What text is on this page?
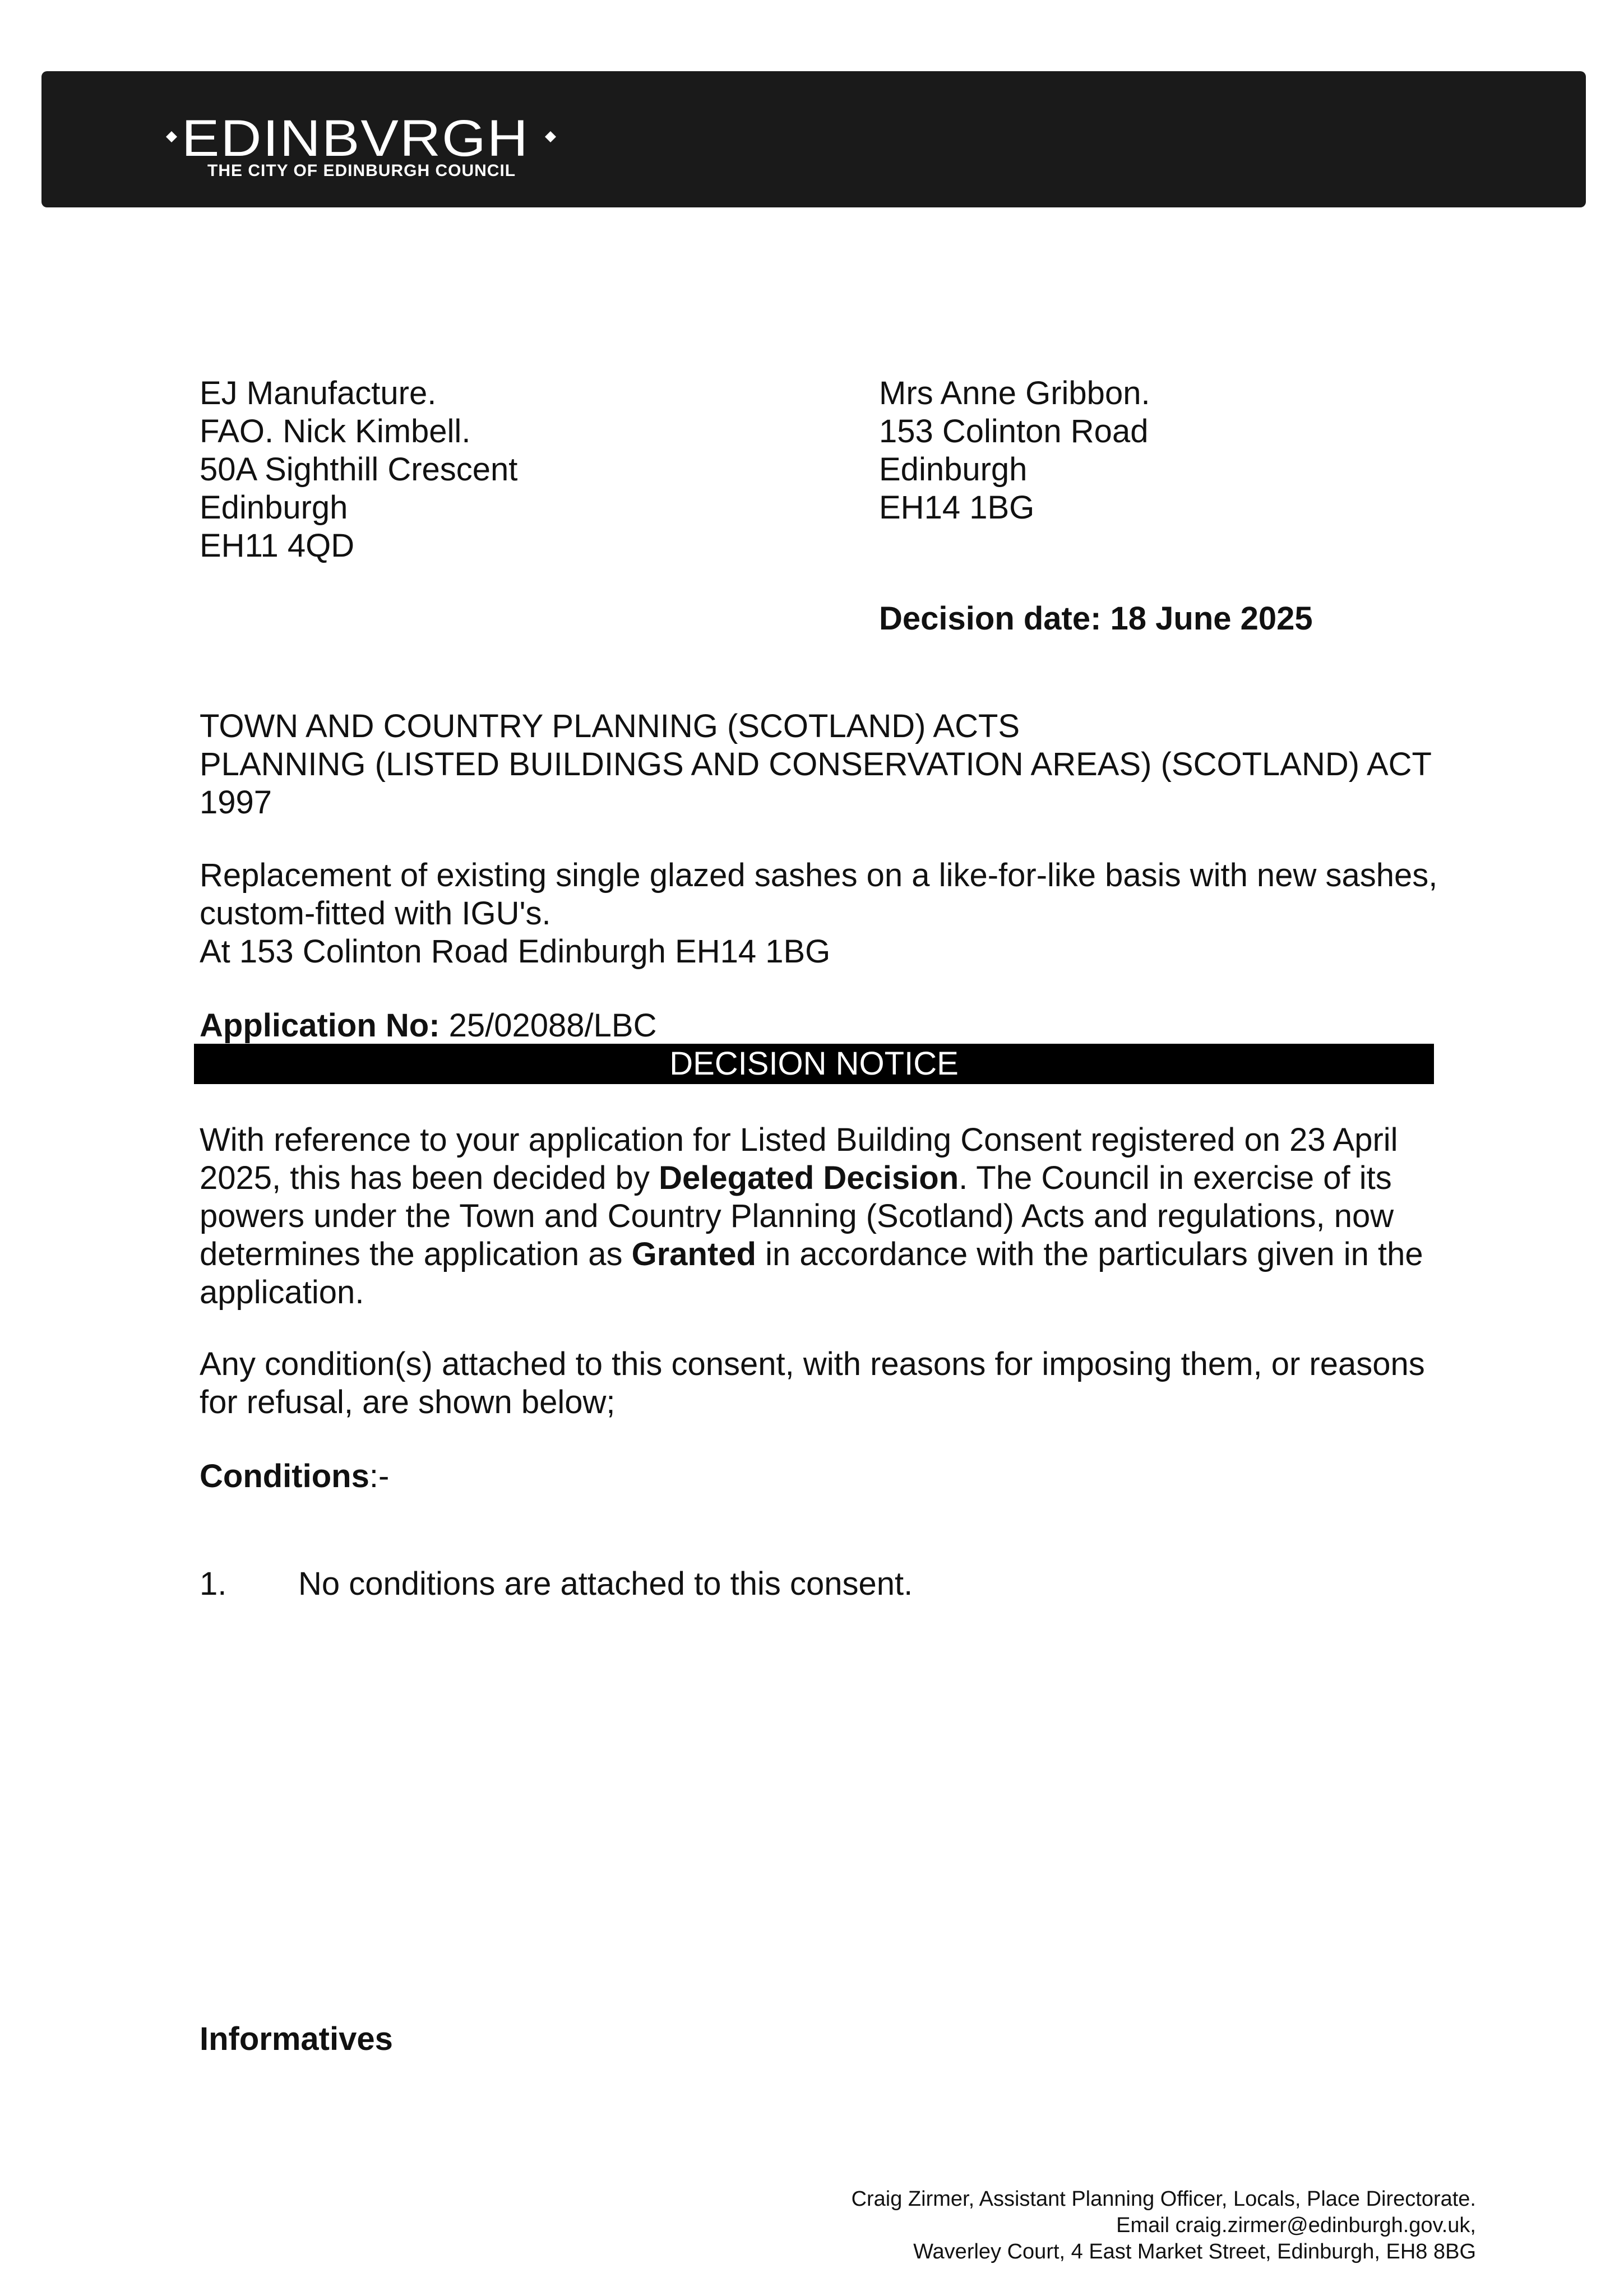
EDINBVRGH
THE CITY OF EDINBURGH COUNCIL
EJ Manufacture.
FAO. Nick Kimbell.
50A Sighthill Crescent
Edinburgh
EH11 4QD
Mrs Anne Gribbon.
153 Colinton Road
Edinburgh
EH14 1BG
Decision date: 18 June 2025
TOWN AND COUNTRY PLANNING (SCOTLAND) ACTS
PLANNING (LISTED BUILDINGS AND CONSERVATION AREAS) (SCOTLAND) ACT
1997
Replacement of existing single glazed sashes on a like-for-like basis with new sashes,
custom-fitted with IGU's.
At 153 Colinton Road Edinburgh EH14 1BG
Application No: 25/02088/LBC
DECISION NOTICE
With reference to your application for Listed Building Consent registered on 23 April
2025, this has been decided by Delegated Decision. The Council in exercise of its
powers under the Town and Country Planning (Scotland) Acts and regulations, now
determines the application as Granted in accordance with the particulars given in the
application.
Any condition(s) attached to this consent, with reasons for imposing them, or reasons
for refusal, are shown below;
Conditions:-
1. No conditions are attached to this consent.
Informatives
Craig Zirmer, Assistant Planning Officer, Locals, Place Directorate.
Email craig.zirmer@edinburgh.gov.uk,
Waverley Court, 4 East Market Street, Edinburgh, EH8 8BG
